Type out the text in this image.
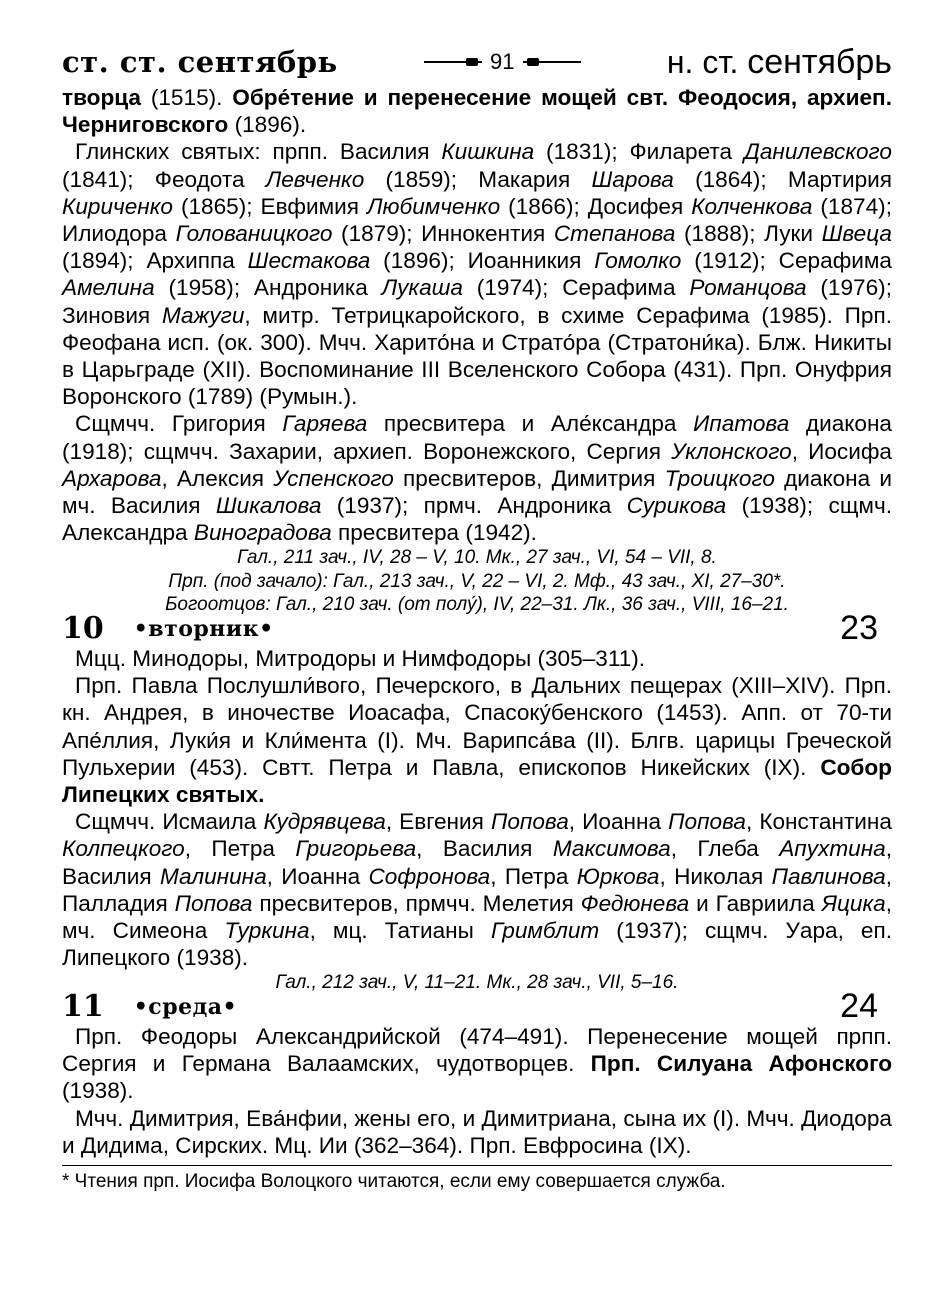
ст. ст. сентябрь	91	н. ст. сентябрь

творца (1515). Обре́тение и перенесение мощей свт. Феодосия, архиеп. Черниговского (1896).

Глинских святых: прпп. Василия Кишкина (1831); Филарета Данилевского (1841); Феодота Левченко (1859); Макария Шарова (1864); Мартирия Кириченко (1865); Евфимия Любимченко (1866); Досифея Колченкова (1874); Илиодора Голованицкого (1879); Иннокентия Степанова (1888); Луки Швеца (1894); Архиппа Шестакова (1896); Иоанникия Гомолко (1912); Серафима Амелина (1958); Андроника Лукаша (1974); Серафима Романцова (1976); Зиновия Мажуги, митр. Тетрицкаройского, в схиме Серафима (1985). Прп. Феофана исп. (ок. 300). Мчч. Харито́на и Страто́ра (Стратони́ка). Блж. Никиты в Царьграде (XII). Воспоминание III Вселенского Собора (431). Прп. Онуфрия Воронского (1789) (Румын.).

Сщмчч. Григория Гаряева пресвитера и Але́ксандра Ипатова диакона (1918); сщмчч. Захарии, архиеп. Воронежского, Сергия Уклонского, Иосифа Архарова, Алексия Успенского пресвитеров, Димитрия Троицкого диакона и мч. Василия Шикалова (1937); прмч. Андроника Сурикова (1938); сщмч. Александра Виноградова пресвитера (1942).

Гал., 211 зач., IV, 28 – V, 10. Мк., 27 зач., VI, 54 – VII, 8.

Прп. (под зачало): Гал., 213 зач., V, 22 – VI, 2. Мф., 43 зач., XI, 27–30*.

Богоотцов: Гал., 210 зач. (от полу́), IV, 22–31. Лк., 36 зач., VIII, 16–21.

10 •вторник•	23

Мцц. Минодоры, Митродоры и Нимфодоры (305–311).

Прп. Павла Послушли́вого, Печерского, в Дальних пещерах (XIII–XIV). Прп. кн. Андрея, в иночестве Иоасафа, Спасоку́бенского (1453). Апп. от 70-ти Апе́ллия, Луки́я и Кли́мента (I). Мч. Варипса́ва (II). Блгв. царицы Греческой Пульхерии (453). Свтт. Петра и Павла, епископов Никейских (IX). Собор Липецких святых.

Сщмчч. Исмаила Кудрявцева, Евгения Попова, Иоанна Попова, Константина Колпецкого, Петра Григорьева, Василия Максимова, Глеба Апухтина, Василия Малинина, Иоанна Софронова, Петра Юркова, Николая Павлинова, Палладия Попова пресвитеров, прмчч. Мелетия Федюнева и Гавриила Яцика, мч. Симеона Туркина, мц. Татианы Гримблит (1937); сщмч. Уара, еп. Липецкого (1938).

Гал., 212 зач., V, 11–21. Мк., 28 зач., VII, 5–16.

11 •среда•	24

Прп. Феодоры Александрийской (474–491). Перенесение мощей прпп. Сергия и Германа Валаамских, чудотворцев. Прп. Силуана Афонского (1938).

Мчч. Димитрия, Ева́нфии, жены его, и Димитриана, сына их (I). Мчч. Диодора и Дидима, Сирских. Мц. Ии (362–364). Прп. Евфросина (IX).

* Чтения прп. Иосифа Волоцкого читаются, если ему совершается служба.
